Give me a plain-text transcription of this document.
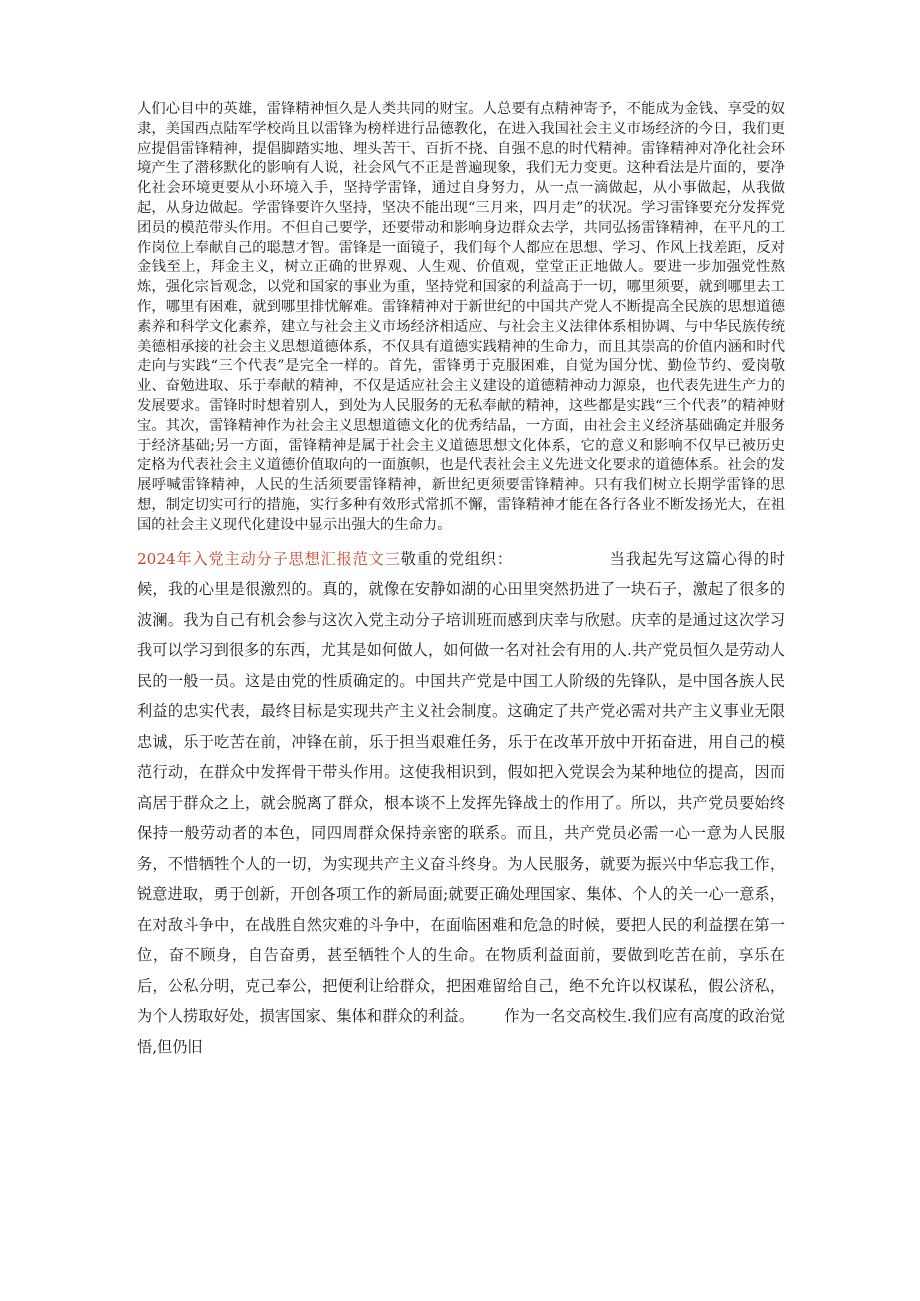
人们心目中的英雄，雷锋精神恒久是人类共同的财宝。人总要有点精神寄予，不能成为金钱、享受的奴隶，美国西点陆军学校尚且以雷锋为榜样进行品德教化，在进入我国社会主义市场经济的今日，我们更应提倡雷锋精神，提倡脚踏实地、埋头苦干、百折不挠、自强不息的时代精神。雷锋精神对净化社会环境产生了潜移默化的影响有人说，社会风气不正是普遍现象，我们无力变更。这种看法是片面的，要净化社会环境更要从小环境入手，坚持学雷锋，通过自身努力，从一点一滴做起，从小事做起，从我做起，从身边做起。学雷锋要许久坚持，坚决不能出现“三月来，四月走”的状况。学习雷锋要充分发挥党团员的模范带头作用。不但自己要学，还要带动和影响身边群众去学，共同弘扬雷锋精神，在平凡的工作岗位上奉献自己的聪慧才智。雷锋是一面镜子，我们每个人都应在思想、学习、作风上找差距，反对金钱至上，拜金主义，树立正确的世界观、人生观、价值观，堂堂正正地做人。要进一步加强党性熬炼，强化宗旨观念，以党和国家的事业为重，坚持党和国家的利益高于一切，哪里须要，就到哪里去工作，哪里有困难，就到哪里排忧解难。雷锋精神对于新世纪的中国共产党人不断提高全民族的思想道德素养和科学文化素养，建立与社会主义市场经济相适应、与社会主义法律体系相协调、与中华民族传统美德相承接的社会主义思想道德体系，不仅具有道德实践精神的生命力，而且其崇高的价值内涵和时代走向与实践“三个代表”是完全一样的。首先，雷锋勇于克服困难，自觉为国分忧、勤俭节约、爱岗敬业、奋勉进取、乐于奉献的精神，不仅是适应社会主义建设的道德精神动力源泉，也代表先进生产力的发展要求。雷锋时时想着别人，到处为人民服务的无私奉献的精神，这些都是实践“三个代表”的精神财宝。其次，雷锋精神作为社会主义思想道德文化的优秀结晶，一方面，由社会主义经济基础确定并服务于经济基础;另一方面，雷锋精神是属于社会主义道德思想文化体系，它的意义和影响不仅早已被历史定格为代表社会主义道德价值取向的一面旗帜，也是代表社会主义先进文化要求的道德体系。社会的发展呼喊雷锋精神，人民的生活须要雷锋精神，新世纪更须要雷锋精神。只有我们树立长期学雷锋的思想，制定切实可行的措施，实行多种有效形式常抓不懈，雷锋精神才能在各行各业不断发扬光大，在祖国的社会主义现代化建设中显示出强大的生命力。

2024年入党主动分子思想汇报范文三敬重的党组织：	当我起先写这篇心得的时候，我的心里是很激烈的。真的，就像在安静如湖的心田里突然扔进了一块石子，激起了很多的波澜。我为自己有机会参与这次入党主动分子培训班而感到庆幸与欣慰。庆幸的是通过这次学习我可以学习到很多的东西，尤其是如何做人，如何做一名对社会有用的人.共产党员恒久是劳动人民的一般一员。这是由党的性质确定的。中国共产党是中国工人阶级的先锋队，是中国各族人民利益的忠实代表，最终目标是实现共产主义社会制度。这确定了共产党必需对共产主义事业无限忠诚，乐于吃苦在前，冲锋在前，乐于担当艰难任务，乐于在改革开放中开拓奋进，用自己的模范行动，在群众中发挥骨干带头作用。这使我相识到，假如把入党误会为某种地位的提高，因而高居于群众之上，就会脱离了群众，根本谈不上发挥先锋战士的作用了。所以，共产党员要始终保持一般劳动者的本色，同四周群众保持亲密的联系。而且，共产党员必需一心一意为人民服务，不惜牺牲个人的一切，为实现共产主义奋斗终身。为人民服务，就要为振兴中华忘我工作，锐意进取，勇于创新，开创各项工作的新局面;就要正确处理国家、集体、个人的关一心一意系，在对敌斗争中，在战胜自然灾难的斗争中，在面临困难和危急的时候，要把人民的利益摆在第一位，奋不顾身，自告奋勇，甚至牺牲个人的生命。在物质利益面前，要做到吃苦在前，享乐在后，公私分明，克己奉公，把便利让给群众，把困难留给自己，绝不允许以权谋私，假公济私，为个人捞取好处，损害国家、集体和群众的利益。 作为一名交高校生.我们应有高度的政治觉悟,但仍旧
